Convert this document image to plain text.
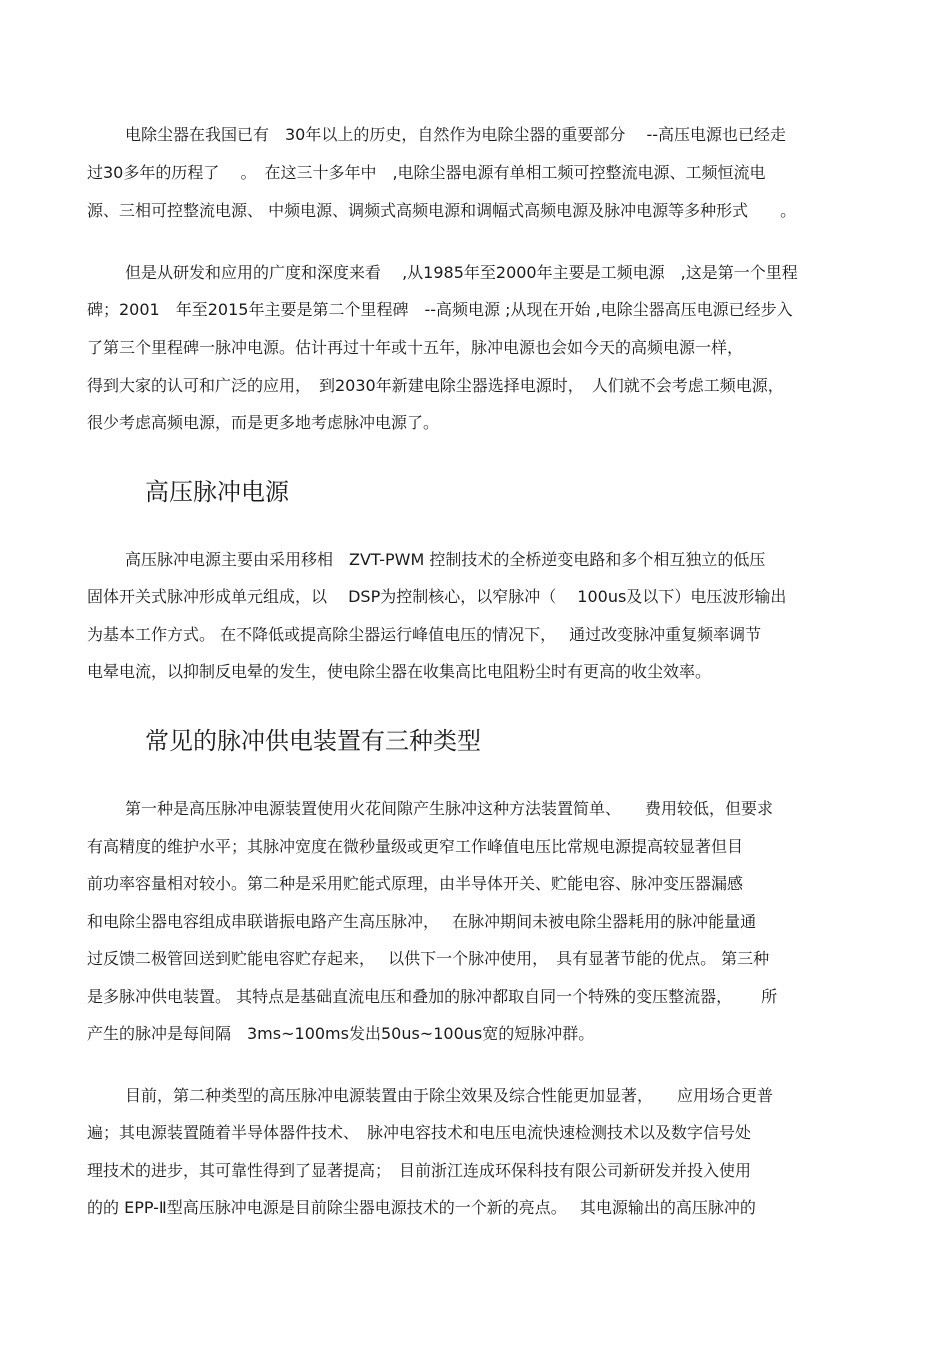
电除尘器在我国已有　30年以上的历史，自然作为电除尘器的重要部分　 --高压电源也已经走

过30多年的历程了　 。　在这三十多年中　,电除尘器电源有单相工频可控整流电源、工频恒流电

源、三相可控整流电源、 中频电源、调频式高频电源和调幅式高频电源及脉冲电源等多种形式　　。

但是从研发和应用的广度和深度来看　 ,从1985年至2000年主要是工频电源　,这是第一个里程

碑；2001　年至2015年主要是第二个里程碑　--高频电源 ;从现在开始 ,电除尘器高压电源已经步入

了第三个里程碑一脉冲电源。估计再过十年或十五年，脉冲电源也会如今天的高频电源一样，

得到大家的认可和广泛的应用，　到2030年新建电除尘器选择电源时，　人们就不会考虑工频电源，

很少考虑高频电源，而是更多地考虑脉冲电源了。

高压脉冲电源

高压脉冲电源主要由采用移相　ZVT-PWM 控制技术的全桥逆变电路和多个相互独立的低压

固体开关式脉冲形成单元组成，以　 DSP为控制核心，以窄脉冲（　 100us及以下）电压波形输出

为基本工作方式。 在不降低或提高除尘器运行峰值电压的情况下，　 通过改变脉冲重复频率调节

电晕电流，以抑制反电晕的发生，使电除尘器在收集高比电阻粉尘时有更高的收尘效率。

常见的脉冲供电装置有三种类型

第一种是高压脉冲电源装置使用火花间隙产生脉冲这种方法装置简单、　　费用较低，但要求

有高精度的维护水平；其脉冲宽度在微秒量级或更窄工作峰值电压比常规电源提高较显著但目

前功率容量相对较小。第二种是采用贮能式原理，由半导体开关、贮能电容、脉冲变压器漏感

和电除尘器电容组成串联谐振电路产生高压脉冲，　 在脉冲期间未被电除尘器耗用的脉冲能量通

过反馈二极管回送到贮能电容贮存起来，　 以供下一个脉冲使用，　具有显著节能的优点。 第三种

是多脉冲供电装置。 其特点是基础直流电压和叠加的脉冲都取自同一个特殊的变压整流器，　　 所

产生的脉冲是每间隔　3ms~100ms发出50us~100us宽的短脉冲群。

目前，第二种类型的高压脉冲电源装置由于除尘效果及综合性能更加显著，　　应用场合更普

遍；其电源装置随着半导体器件技术、　脉冲电容技术和电压电流快速检测技术以及数字信号处

理技术的进步，其可靠性得到了显著提高；　目前浙江连成环保科技有限公司新研发并投入使用

的的 EPP-Ⅱ型高压脉冲电源是目前除尘器电源技术的一个新的亮点。　 其电源输出的高压脉冲的
